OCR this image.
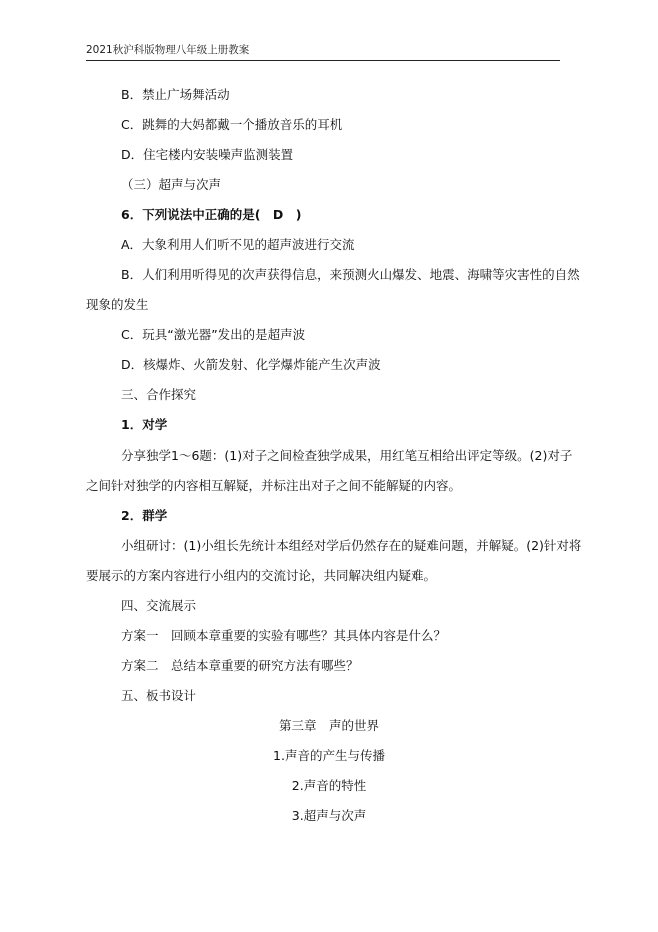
2021秋沪科版物理八年级上册教案
B．禁止广场舞活动
C．跳舞的大妈都戴一个播放音乐的耳机
D．住宅楼内安装噪声监测装置
（三）超声与次声
6．下列说法中正确的是(　D　)
A．大象利用人们听不见的超声波进行交流
B．人们利用听得见的次声获得信息，来预测火山爆发、地震、海啸等灾害性的自然
现象的发生
C．玩具“激光器”发出的是超声波
D．核爆炸、火箭发射、化学爆炸能产生次声波
三、合作探究
1．对学
分享独学1～6题：(1)对子之间检查独学成果，用红笔互相给出评定等级。(2)对子
之间针对独学的内容相互解疑，并标注出对子之间不能解疑的内容。
2．群学
小组研讨：(1)小组长先统计本组经对学后仍然存在的疑难问题，并解疑。(2)针对将
要展示的方案内容进行小组内的交流讨论，共同解决组内疑难。
四、交流展示
方案一　回顾本章重要的实验有哪些？其具体内容是什么？
方案二　总结本章重要的研究方法有哪些？
五、板书设计
第三章　声的世界
1.声音的产生与传播
2.声音的特性
3.超声与次声
